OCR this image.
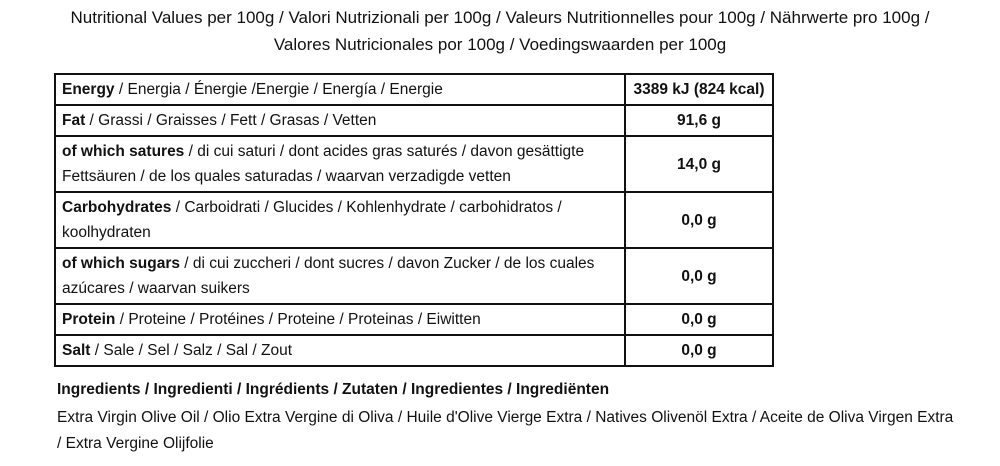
Nutritional Values per 100g / Valori Nutrizionali per 100g / Valeurs Nutritionnelles pour 100g / Nährwerte pro 100g /
Valores Nutricionales por 100g / Voedingswaarden per 100g
Energy / Energia / Énergie /Energie / Energía / Energie	3389 kJ (824 kcal)
Fat / Grassi / Graisses / Fett / Grasas / Vetten	91,6 g
of which satures / di cui saturi / dont acides gras saturés / davon gesättigte Fettsäuren / de los quales saturadas / waarvan verzadigde vetten	14,0 g
Carbohydrates / Carboidrati / Glucides / Kohlenhydrate / carbohidratos / koolhydraten	0,0 g
of which sugars / di cui zuccheri / dont sucres / davon Zucker / de los cuales azúcares / waarvan suikers	0,0 g
Protein / Proteine / Protéines / Proteine / Proteinas / Eiwitten	0,0 g
Salt / Sale / Sel / Salz / Sal / Zout	0,0 g
Ingredients / Ingredienti / Ingrédients / Zutaten / Ingredientes / Ingrediënten
Extra Virgin Olive Oil / Olio Extra Vergine di Oliva / Huile d'Olive Vierge Extra / Natives Olivenöl Extra / Aceite de Oliva Virgen Extra / Extra Vergine Olijfolie
